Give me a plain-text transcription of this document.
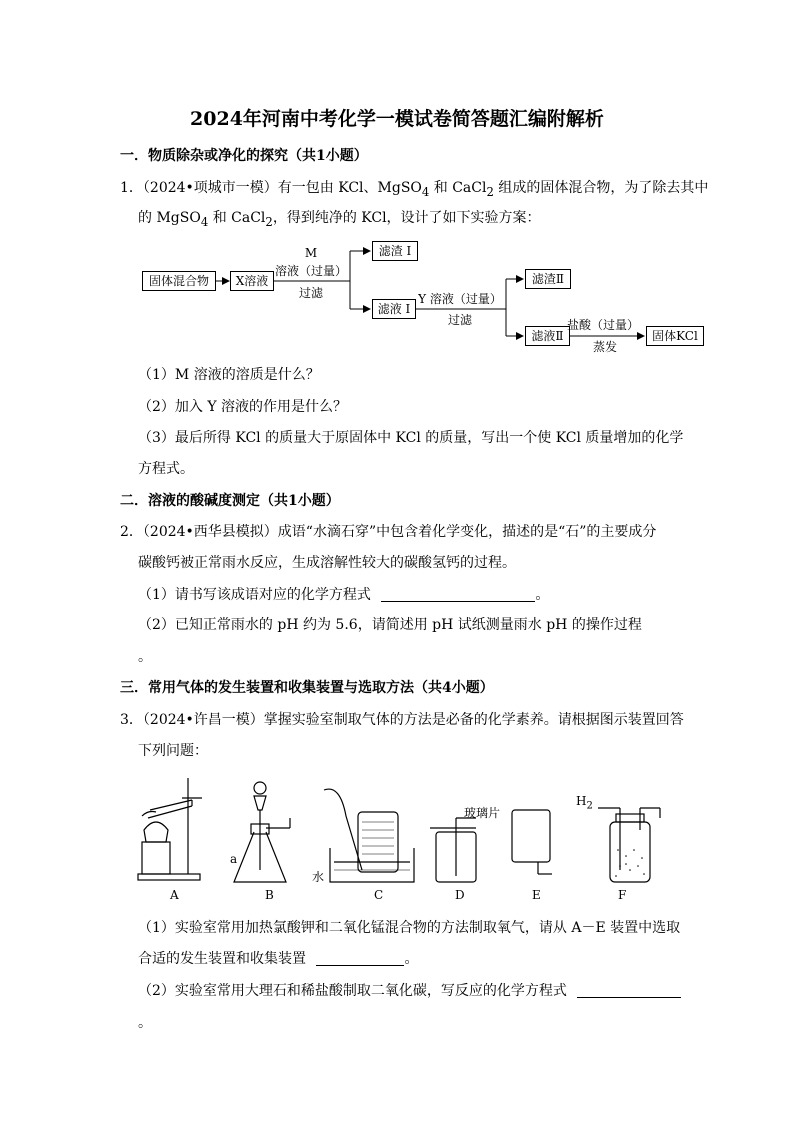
2024年河南中考化学一模试卷简答题汇编附解析
一．物质除杂或净化的探究（共1小题）
1．（2024•项城市一模）有一包由 KCl、MgSO$_4$ 和 CaCl$_2$ 组成的固体混合物，为了除去其中
的 MgSO$_4$ 和 CaCl$_2$，得到纯净的 KCl，设计了如下实验方案：
固体混合物	X溶液
M
溶液（过量）
过滤
滤渣 I
滤液 I
Y 溶液（过量）
过滤
滤渣Ⅱ
滤液Ⅱ
盐酸（过量）
蒸发
固体KCl
（1）M 溶液的溶质是什么？
（2）加入 Y 溶液的作用是什么？
（3）最后所得 KCl 的质量大于原固体中 KCl 的质量，写出一个使 KCl 质量增加的化学
方程式。
二．溶液的酸碱度测定（共1小题）
2．（2024•西华县模拟）成语“水滴石穿”中包含着化学变化，描述的是“石”的主要成分
碳酸钙被正常雨水反应，生成溶解性较大的碳酸氢钙的过程。
（1）请书写该成语对应的化学方程式	。
（2）已知正常雨水的 pH 约为 5.6，请简述用 pH 试纸测量雨水 pH 的操作过程
。
三．常用气体的发生装置和收集装置与选取方法（共4小题）
3．（2024•许昌一模）掌握实验室制取气体的方法是必备的化学素养。请根据图示装置回答
下列问题：
A	B	C	D	E	F
a
水
玻璃片
$H_2$
（1）实验室常用加热氯酸钾和二氧化锰混合物的方法制取氧气，请从 A－E 装置中选取
合适的发生装置和收集装置	。
（2）实验室常用大理石和稀盐酸制取二氧化碳，写反应的化学方程式
。
